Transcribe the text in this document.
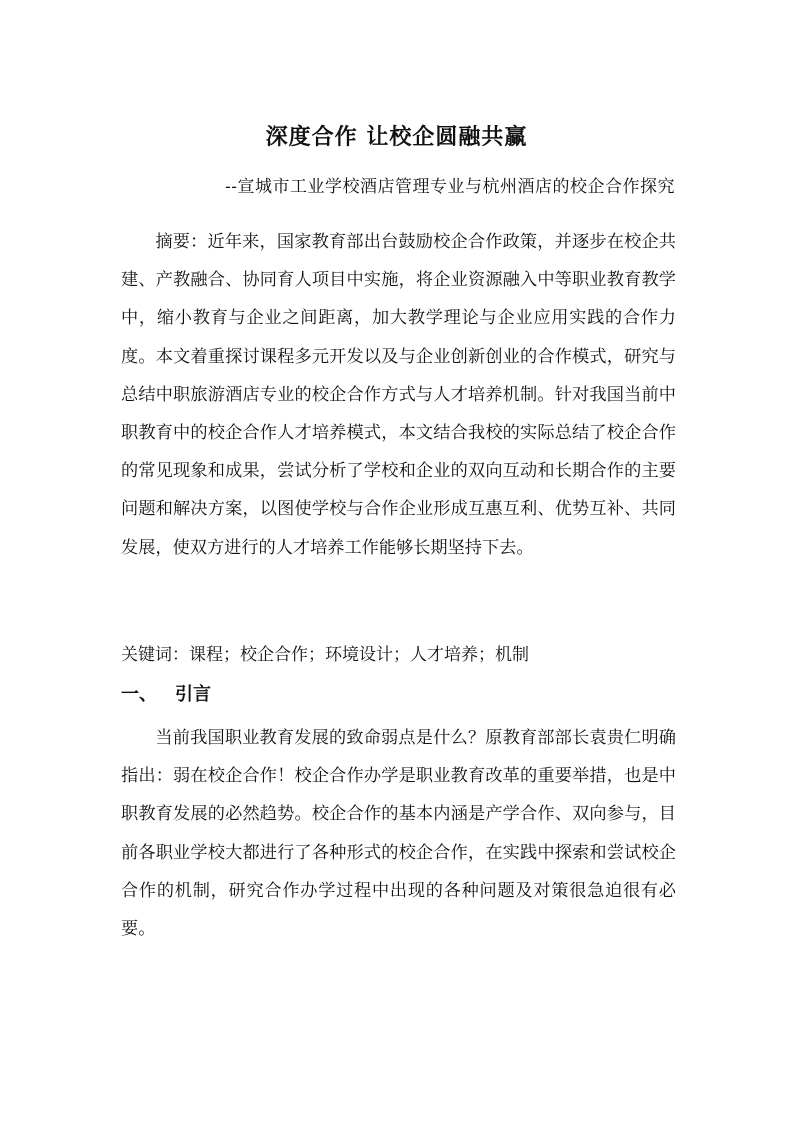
深度合作 让校企圆融共赢
--宣城市工业学校酒店管理专业与杭州酒店的校企合作探究

摘要：近年来，国家教育部出台鼓励校企合作政策，并逐步在校企共建、产教融合、协同育人项目中实施，将企业资源融入中等职业教育教学中，缩小教育与企业之间距离，加大教学理论与企业应用实践的合作力度。本文着重探讨课程多元开发以及与企业创新创业的合作模式，研究与总结中职旅游酒店专业的校企合作方式与人才培养机制。针对我国当前中职教育中的校企合作人才培养模式，本文结合我校的实际总结了校企合作的常见现象和成果，尝试分析了学校和企业的双向互动和长期合作的主要问题和解决方案，以图使学校与合作企业形成互惠互利、优势互补、共同发展，使双方进行的人才培养工作能够长期坚持下去。

关键词：课程；校企合作；环境设计；人才培养；机制

一、 引言

当前我国职业教育发展的致命弱点是什么？原教育部部长袁贵仁明确指出：弱在校企合作！校企合作办学是职业教育改革的重要举措，也是中职教育发展的必然趋势。校企合作的基本内涵是产学合作、双向参与，目前各职业学校大都进行了各种形式的校企合作，在实践中探索和尝试校企合作的机制，研究合作办学过程中出现的各种问题及对策很急迫很有必要。
